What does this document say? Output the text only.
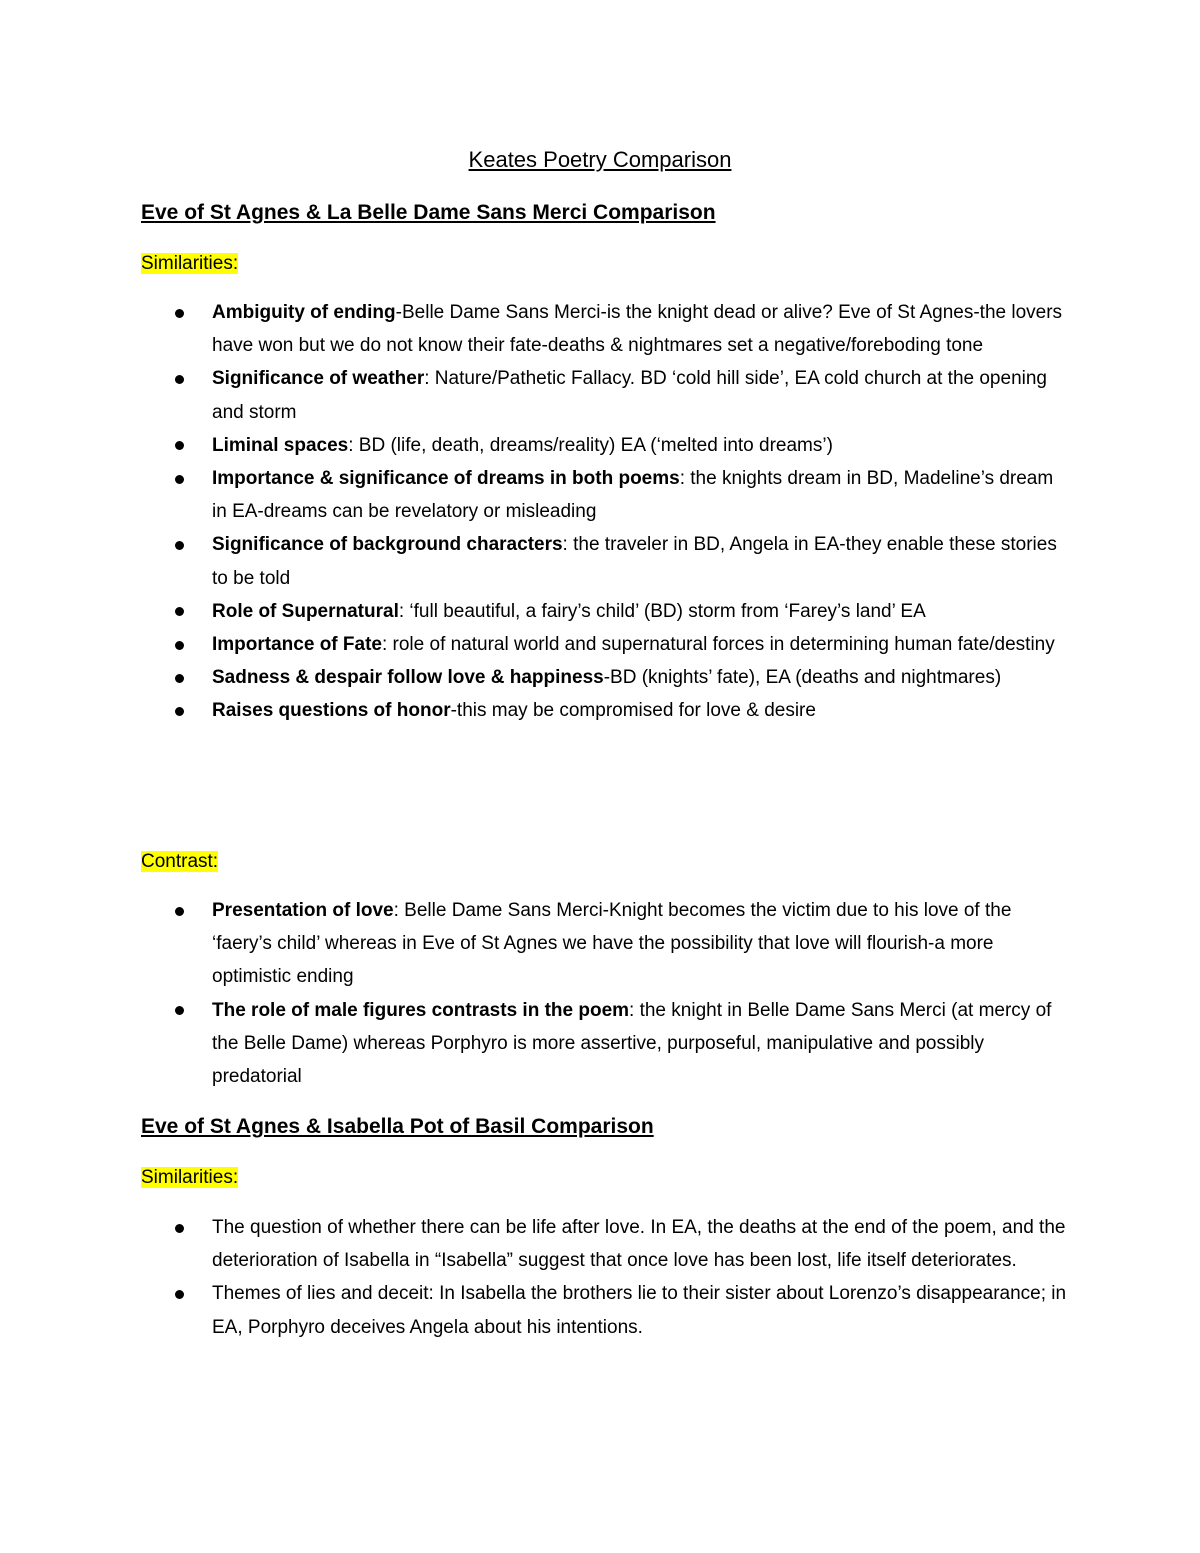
Keates Poetry Comparison
Eve of St Agnes & La Belle Dame Sans Merci Comparison
Similarities:
Ambiguity of ending-Belle Dame Sans Merci-is the knight dead or alive? Eve of St Agnes-the lovers have won but we do not know their fate-deaths & nightmares set a negative/foreboding tone
Significance of weather: Nature/Pathetic Fallacy. BD ‘cold hill side’, EA cold church at the opening and storm
Liminal spaces: BD (life, death, dreams/reality) EA (‘melted into dreams’)
Importance & significance of dreams in both poems: the knights dream in BD, Madeline’s dream in EA-dreams can be revelatory or misleading
Significance of background characters: the traveler in BD, Angela in EA-they enable these stories to be told
Role of Supernatural: ‘full beautiful, a fairy’s child’ (BD) storm from ‘Farey’s land’ EA
Importance of Fate: role of natural world and supernatural forces in determining human fate/destiny
Sadness & despair follow love & happiness-BD (knights’ fate), EA (deaths and nightmares)
Raises questions of honor-this may be compromised for love & desire
Contrast:
Presentation of love: Belle Dame Sans Merci-Knight becomes the victim due to his love of the ‘faery’s child’ whereas in Eve of St Agnes we have the possibility that love will flourish-a more optimistic ending
The role of male figures contrasts in the poem: the knight in Belle Dame Sans Merci (at mercy of the Belle Dame) whereas Porphyro is more assertive, purposeful, manipulative and possibly predatorial
Eve of St Agnes & Isabella Pot of Basil Comparison
Similarities:
The question of whether there can be life after love. In EA, the deaths at the end of the poem, and the deterioration of Isabella in “Isabella” suggest that once love has been lost, life itself deteriorates.
Themes of lies and deceit: In Isabella the brothers lie to their sister about Lorenzo’s disappearance; in EA, Porphyro deceives Angela about his intentions.
